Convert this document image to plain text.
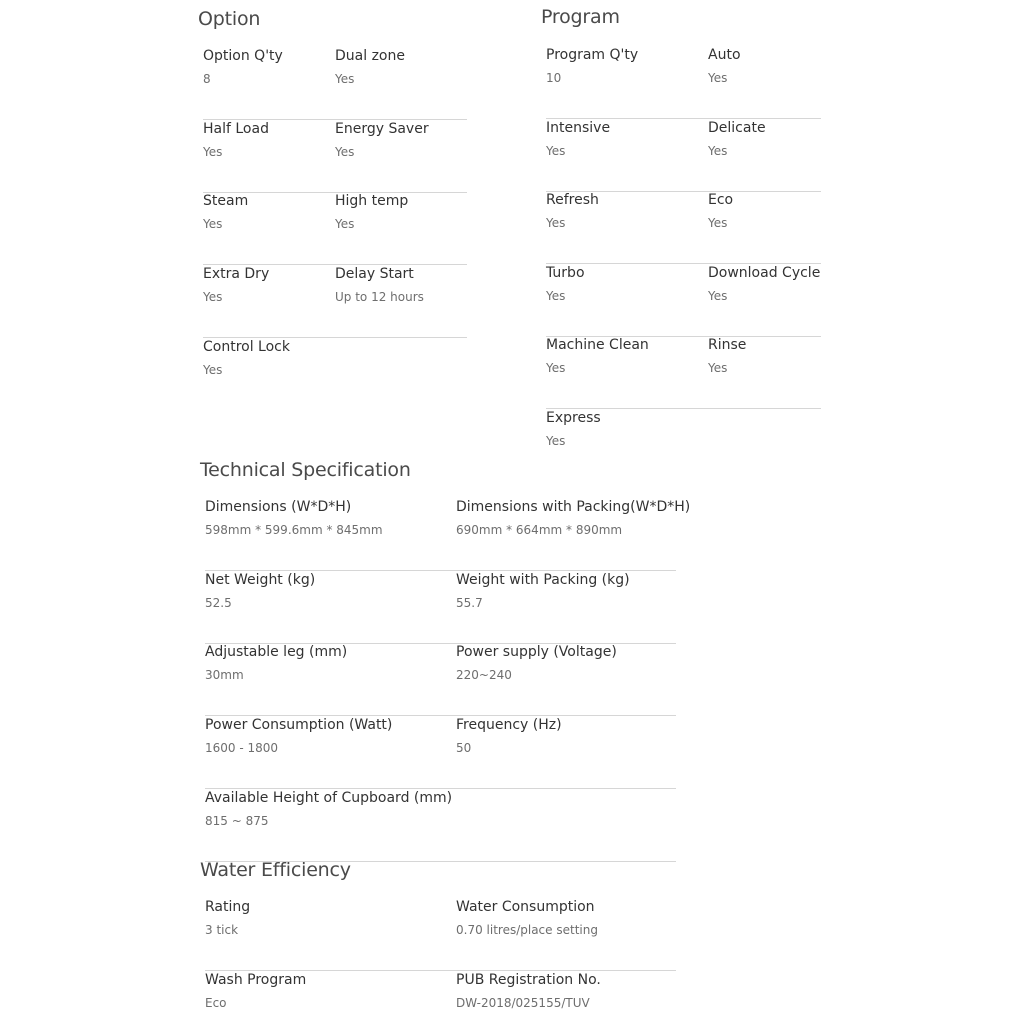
Option
Option Q'ty
8
Dual zone
Yes
Half Load
Yes
Energy Saver
Yes
Steam
Yes
High temp
Yes
Extra Dry
Yes
Delay Start
Up to 12 hours
Control Lock
Yes
Program
Program Q'ty
10
Auto
Yes
Intensive
Yes
Delicate
Yes
Refresh
Yes
Eco
Yes
Turbo
Yes
Download Cycle
Yes
Machine Clean
Yes
Rinse
Yes
Express
Yes
Technical Specification
Dimensions (W*D*H)
598mm * 599.6mm * 845mm
Dimensions with Packing(W*D*H)
690mm * 664mm * 890mm
Net Weight (kg)
52.5
Weight with Packing (kg)
55.7
Adjustable leg (mm)
30mm
Power supply (Voltage)
220~240
Power Consumption (Watt)
1600 - 1800
Frequency (Hz)
50
Available Height of Cupboard (mm)
815 ~ 875
Water Efficiency
Rating
3 tick
Water Consumption
0.70 litres/place setting
Wash Program
Eco
PUB Registration No.
DW-2018/025155/TUV
